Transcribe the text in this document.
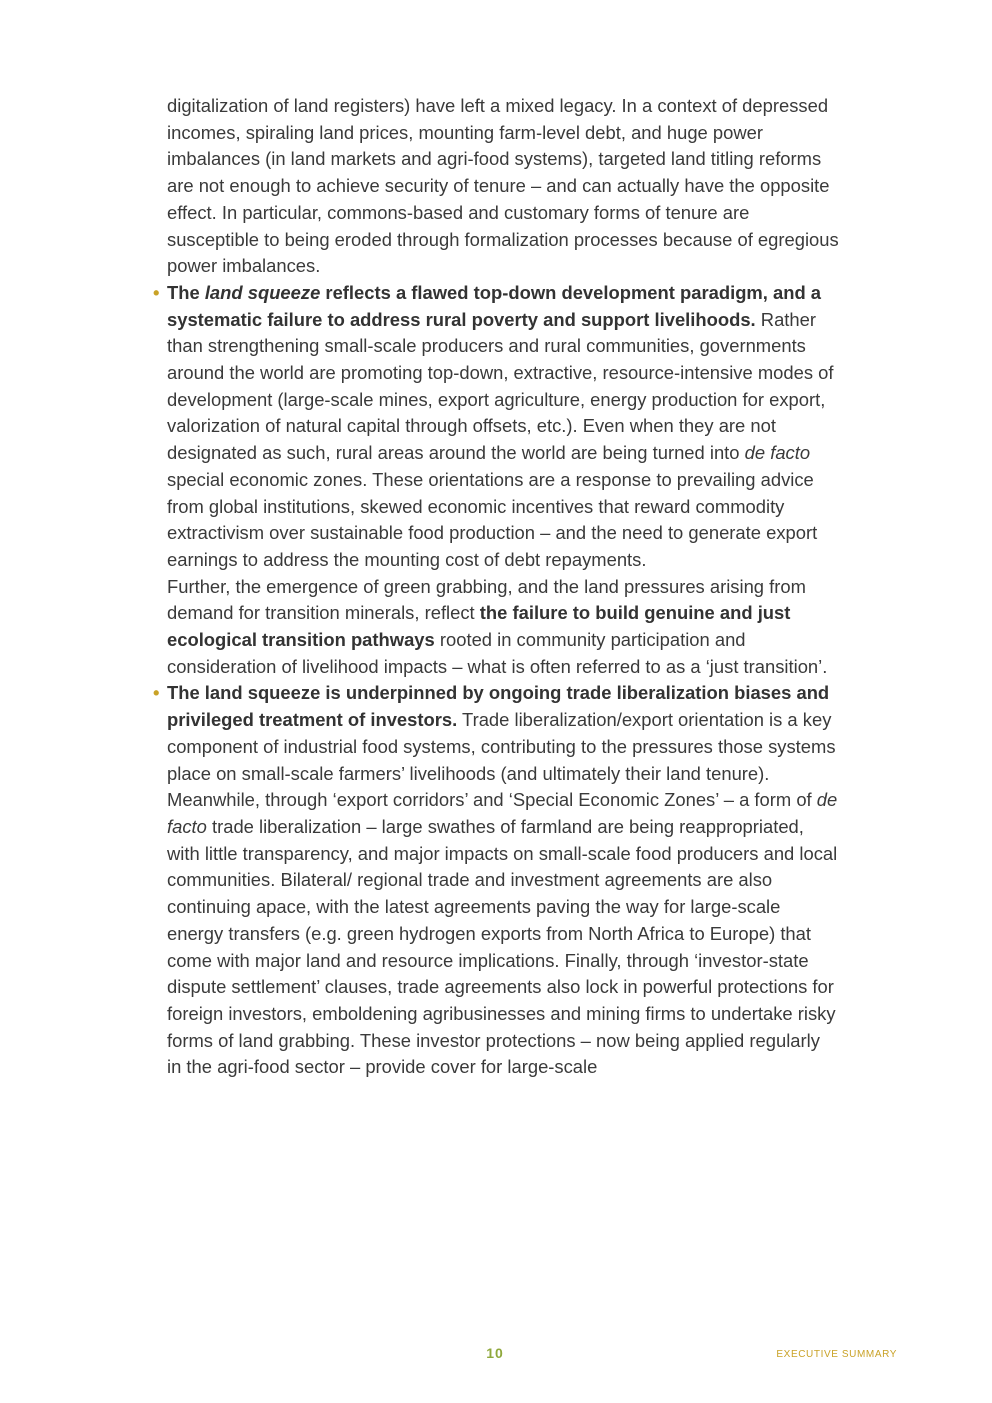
digitalization of land registers) have left a mixed legacy. In a context of depressed incomes, spiraling land prices, mounting farm-level debt, and huge power imbalances (in land markets and agri-food systems), targeted land titling reforms are not enough to achieve security of tenure – and can actually have the opposite effect. In particular, commons-based and customary forms of tenure are susceptible to being eroded through formalization processes because of egregious power imbalances.

• The land squeeze reflects a flawed top-down development paradigm, and a systematic failure to address rural poverty and support livelihoods. Rather than strengthening small-scale producers and rural communities, governments around the world are promoting top-down, extractive, resource-intensive modes of development (large-scale mines, export agriculture, energy production for export, valorization of natural capital through offsets, etc.). Even when they are not designated as such, rural areas around the world are being turned into de facto special economic zones. These orientations are a response to prevailing advice from global institutions, skewed economic incentives that reward commodity extractivism over sustainable food production – and the need to generate export earnings to address the mounting cost of debt repayments.

Further, the emergence of green grabbing, and the land pressures arising from demand for transition minerals, reflect the failure to build genuine and just ecological transition pathways rooted in community participation and consideration of livelihood impacts – what is often referred to as a ‘just transition’.

• The land squeeze is underpinned by ongoing trade liberalization biases and privileged treatment of investors. Trade liberalization/export orientation is a key component of industrial food systems, contributing to the pressures those systems place on small-scale farmers’ livelihoods (and ultimately their land tenure). Meanwhile, through ‘export corridors’ and ‘Special Economic Zones’ – a form of de facto trade liberalization – large swathes of farmland are being reappropriated, with little transparency, and major impacts on small-scale food producers and local communities. Bilateral/ regional trade and investment agreements are also continuing apace, with the latest agreements paving the way for large-scale energy transfers (e.g. green hydrogen exports from North Africa to Europe) that come with major land and resource implications. Finally, through ‘investor-state dispute settlement’ clauses, trade agreements also lock in powerful protections for foreign investors, emboldening agribusinesses and mining firms to undertake risky forms of land grabbing. These investor protections – now being applied regularly in the agri-food sector – provide cover for large-scale

10	EXECUTIVE SUMMARY
